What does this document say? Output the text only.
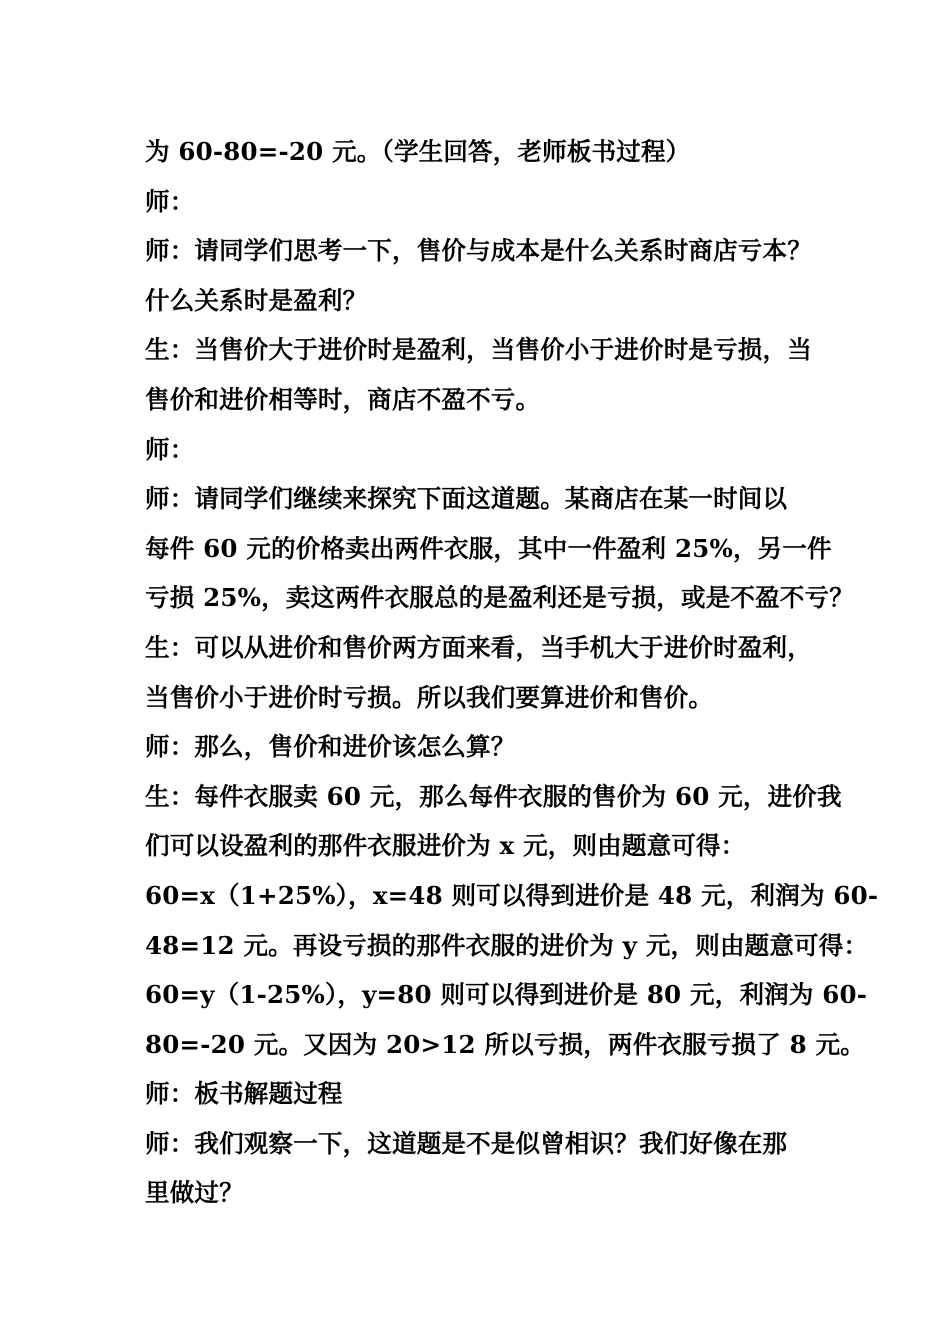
为 60-80=-20 元。（学生回答，老师板书过程）
师：
师：请同学们思考一下，售价与成本是什么关系时商店亏本？
什么关系时是盈利？
生：当售价大于进价时是盈利，当售价小于进价时是亏损，当
售价和进价相等时，商店不盈不亏。
师：
师：请同学们继续来探究下面这道题。某商店在某一时间以
每件 60 元的价格卖出两件衣服，其中一件盈利 25%，另一件
亏损 25%，卖这两件衣服总的是盈利还是亏损，或是不盈不亏？
生：可以从进价和售价两方面来看，当手机大于进价时盈利，
当售价小于进价时亏损。所以我们要算进价和售价。
师：那么，售价和进价该怎么算？
生：每件衣服卖 60 元，那么每件衣服的售价为 60 元，进价我
们可以设盈利的那件衣服进价为 x 元，则由题意可得：
60=x（1+25%），x=48 则可以得到进价是 48 元，利润为 60-
48=12 元。再设亏损的那件衣服的进价为 y 元，则由题意可得：
60=y（1-25%），y=80 则可以得到进价是 80 元，利润为 60-
80=-20 元。又因为 20>12 所以亏损，两件衣服亏损了 8 元。
师：板书解题过程
师：我们观察一下，这道题是不是似曾相识？我们好像在那
里做过？
